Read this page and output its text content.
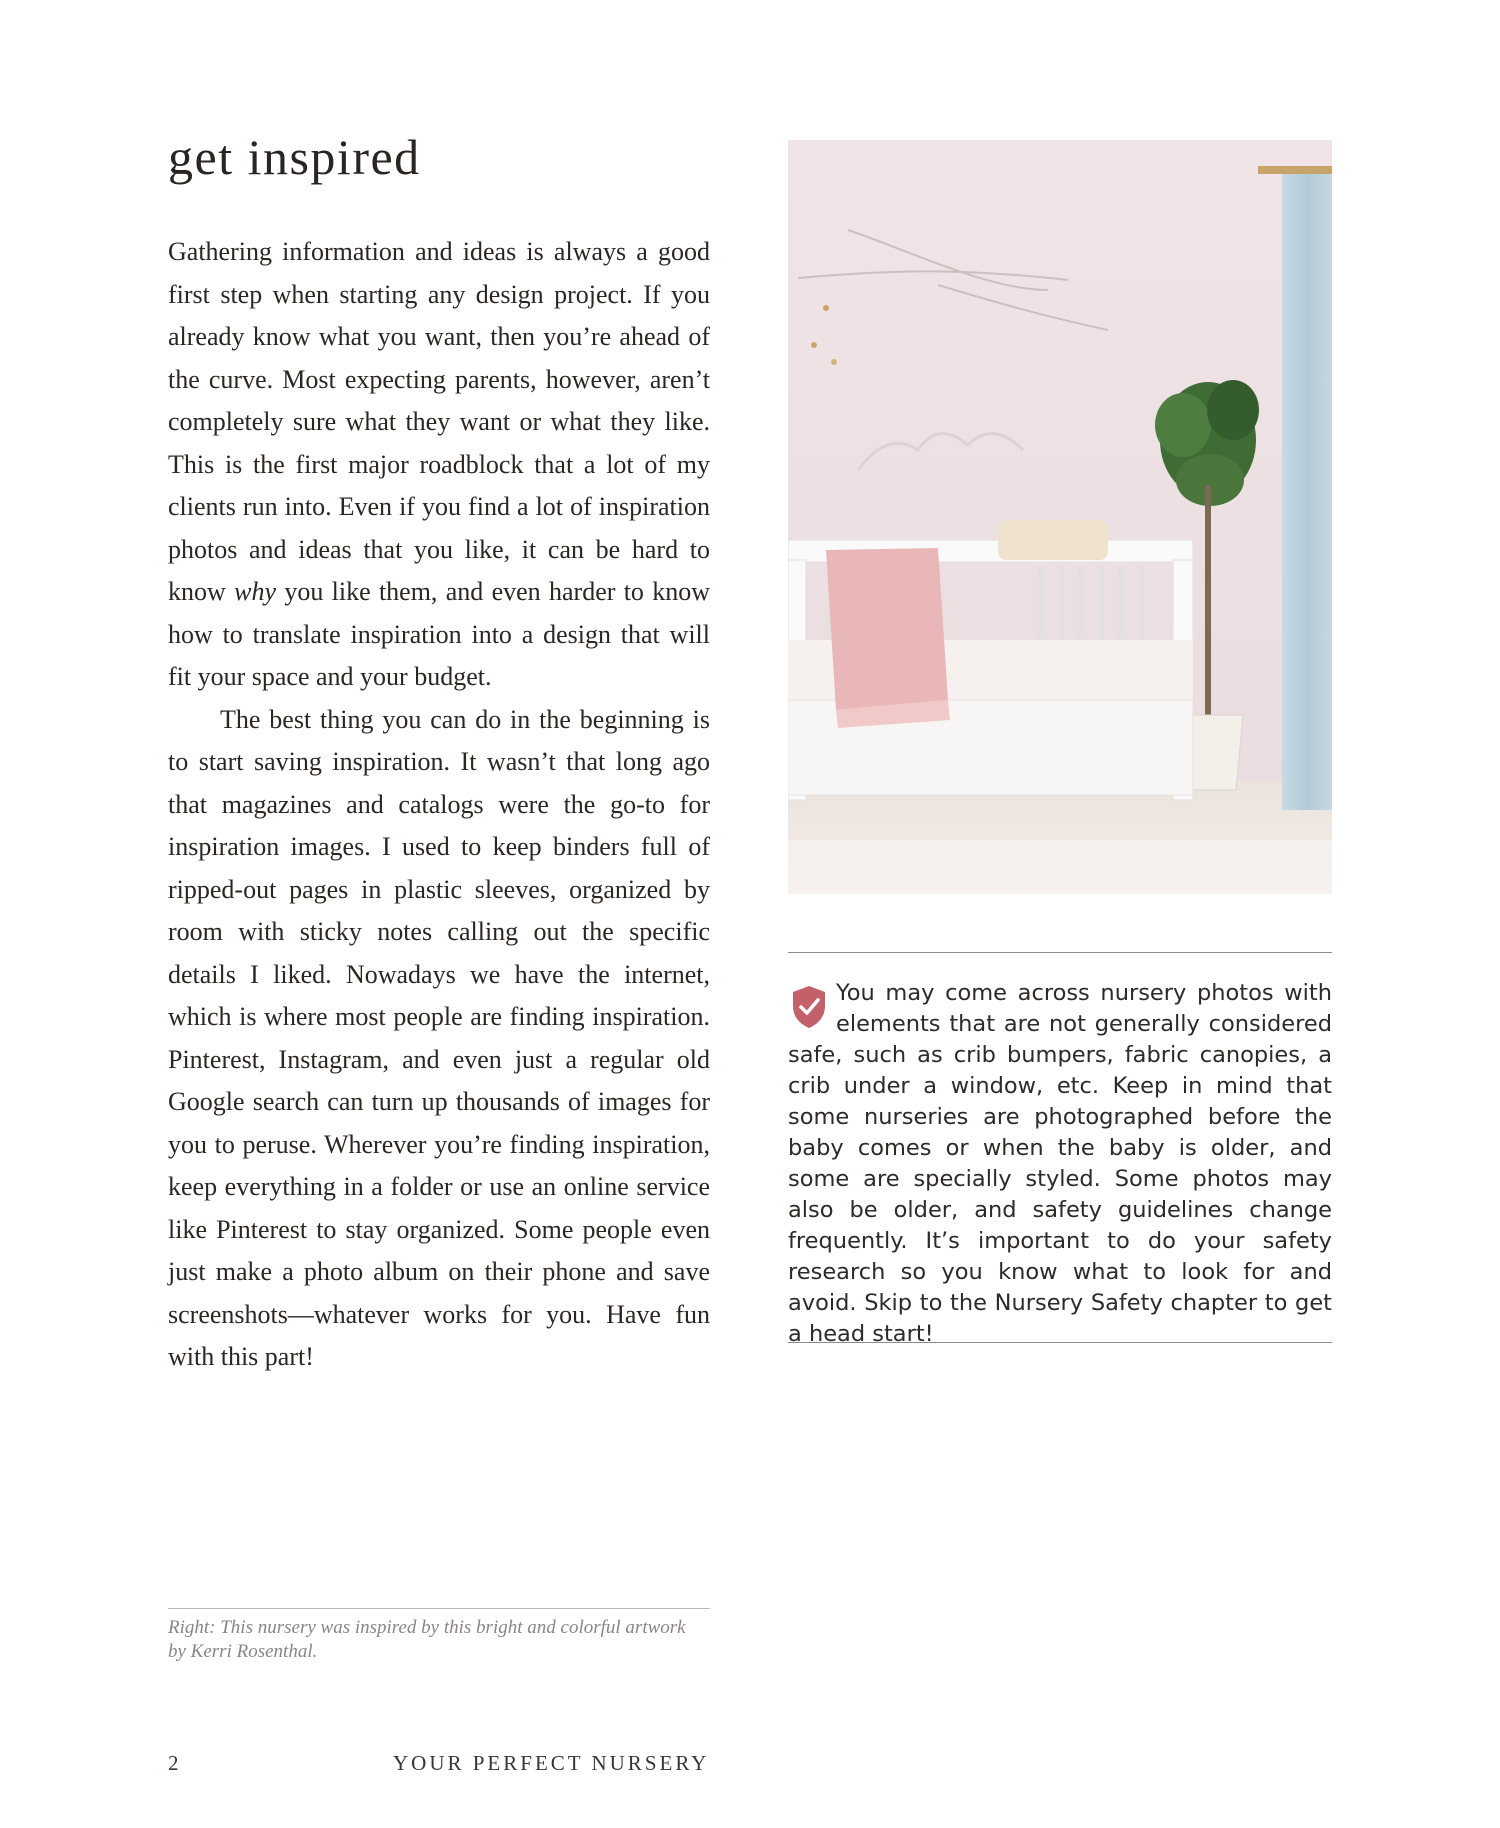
get inspired

Gathering information and ideas is always a good first step when starting any design project. If you already know what you want, then you’re ahead of the curve. Most expecting parents, however, aren’t completely sure what they want or what they like. This is the first major roadblock that a lot of my clients run into. Even if you find a lot of inspiration photos and ideas that you like, it can be hard to know why you like them, and even harder to know how to translate inspiration into a design that will fit your space and your budget.

The best thing you can do in the beginning is to start saving inspiration. It wasn’t that long ago that magazines and catalogs were the go-to for inspiration images. I used to keep binders full of ripped-out pages in plastic sleeves, organized by room with sticky notes calling out the specific details I liked. Nowadays we have the internet, which is where most people are finding inspiration. Pinterest, Instagram, and even just a regular old Google search can turn up thousands of images for you to peruse. Wherever you’re finding inspiration, keep everything in a folder or use an online service like Pinterest to stay organized. Some people even just make a photo album on their phone and save screenshots—whatever works for you. Have fun with this part!

You may come across nursery photos with elements that are not generally considered safe, such as crib bumpers, fabric canopies, a crib under a window, etc. Keep in mind that some nurseries are photographed before the baby comes or when the baby is older, and some are specially styled. Some photos may also be older, and safety guidelines change frequently. It’s important to do your safety research so you know what to look for and avoid. Skip to the Nursery Safety chapter to get a head start!

Right: This nursery was inspired by this bright and colorful artwork by Kerri Rosenthal.
2	YOUR PERFECT NURSERY
